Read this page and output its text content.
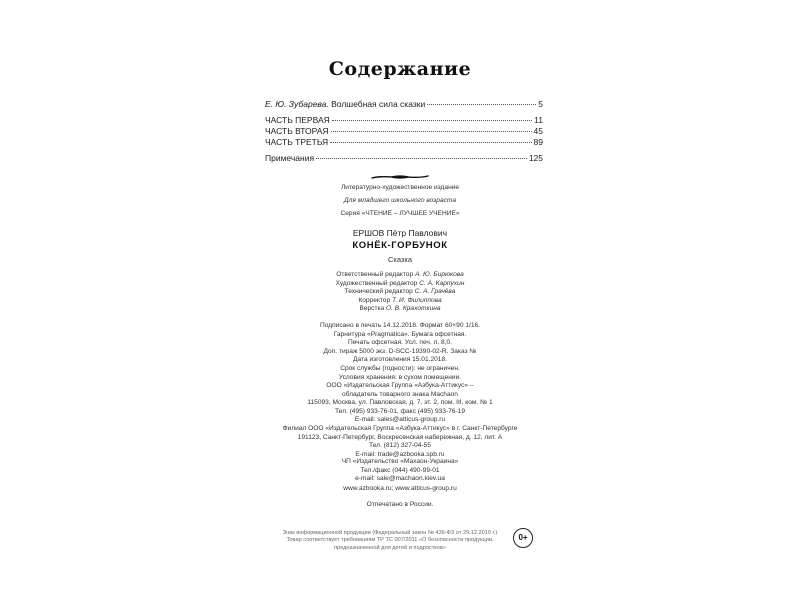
Содержание
Е. Ю. Зубарева. Волшебная сила сказки	5
ЧАСТЬ ПЕРВАЯ	11
ЧАСТЬ ВТОРАЯ	45
ЧАСТЬ ТРЕТЬЯ	89
Примечания	125
Литературно-художественное издание
Для младшего школьного возраста
Серия «ЧТЕНИЕ – ЛУЧШЕЕ УЧЕНИЕ»
ЕРШОВ Пётр Павлович
КОНЁК-ГОРБУНОК
Сказка
Ответственный редактор А. Ю. Бирюкова
Художественный редактор С. А. Карпухин
Технический редактор С. А. Грачёва
Корректор Т. И. Филиппова
Верстка О. В. Крахоткина
Подписано в печать 14.12.2018. Формат 60×90 1/16.
Гарнитура «Pragmatica». Бумага офсетная.
Печать офсетная. Усл. печ. л. 8,0.
Доп. тираж 5000 экз. D-SCC-19390-02-R. Заказ №
Дата изготовления 15.01.2018.
Срок службы (годности): не ограничен.
Условия хранения: в сухом помещении.
ООО «Издательская Группа «Азбука-Аттикус» –
обладатель товарного знака Machaon
115093, Москва, ул. Павловская, д. 7, эт. 2, пом. III, ком. № 1
Тел. (495) 933-76-01, факс (495) 933-76-19
E-mail: sales@atticus-group.ru
Филиал ООО «Издательская Группа «Азбука-Аттикус» в г. Санкт-Петербурге
191123, Санкт-Петербург, Воскресенская набережная, д. 12, лит. А
Тел. (812) 327-04-55
E-mail: trade@azbooka.spb.ru
ЧП «Издательство «Махаон-Украина»
Тел./факс (044) 490-99-01
e-mail: sale@machaon.kiev.ua
www.azbooka.ru; www.atticus-group.ru
Отпечатано в России.
Знак информационной продукции (Федеральный закон № 436-ФЗ от 29.12.2010 г.)
Товар соответствует требованиям ТР ТС 007/2011 «О безопасности продукции,
предназначенной для детей и подростков»
0+
